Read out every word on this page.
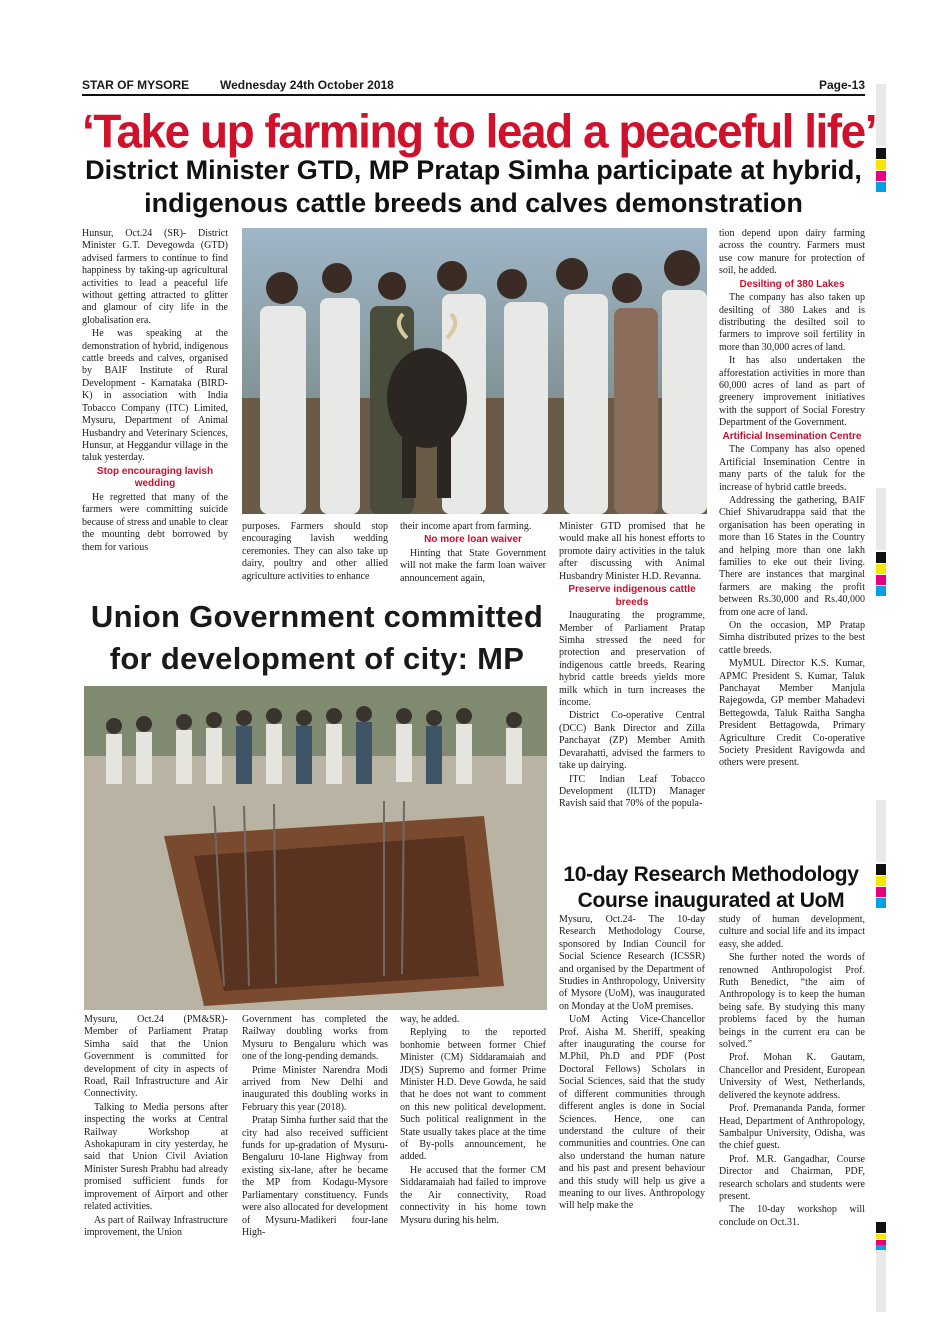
STAR OF MYSORE	Wednesday 24th October 2018	Page-13
‘Take up farming to lead a peaceful life’
District Minister GTD, MP Pratap Simha participate at hybrid, indigenous cattle breeds and calves demonstration

Hunsur, Oct.24 (SR)- District Minister G.T. Devegowda (GTD) advised farmers to continue to find happiness by taking-up agricultural activities to lead a peaceful life without getting attracted to glitter and glamour of city life in the globalisation era.

He was speaking at the demonstration of hybrid, indigenous cattle breeds and calves, organised by BAIF Institute of Rural Development - Karnataka (BIRD-K) in association with India Tobacco Company (ITC) Limited, Mysuru, Department of Animal Husbandry and Veterinary Sciences, Hunsur, at Heggandur village in the taluk yesterday.

Stop encouraging lavish wedding

He regretted that many of the farmers were committing suicide because of stress and unable to clear the mounting debt borrowed by them for various

purposes. Farmers should stop encouraging lavish wedding ceremonies. They can also take up dairy, poultry and other allied agriculture activities to enhance

their income apart from farming.

No more loan waiver

Hinting that State Government will not make the farm loan waiver announcement again,

Minister GTD promised that he would make all his honest efforts to promote dairy activities in the taluk after discussing with Animal Husbandry Minister H.D. Revanna.

Preserve indigenous cattle breeds

Inaugurating the programme, Member of Parliament Pratap Simha stressed the need for protection and preservation of indigenous cattle breeds. Rearing hybrid cattle breeds yields more milk which in turn increases the income.

District Co-operative Central (DCC) Bank Director and Zilla Panchayat (ZP) Member Amith Devarahatti, advised the farmers to take up dairying.

ITC Indian Leaf Tobacco Development (ILTD) Manager Ravish said that 70% of the popula-

tion depend upon dairy farming across the country. Farmers must use cow manure for protection of soil, he added.

Desilting of 380 Lakes

The company has also taken up desilting of 380 Lakes and is distributing the desilted soil to farmers to improve soil fertility in more than 30,000 acres of land.

It has also undertaken the afforestation activities in more than 60,000 acres of land as part of greenery improvement initiatives with the support of Social Forestry Department of the Government.

Artificial Insemination Centre

The Company has also opened Artificial Insemination Centre in many parts of the taluk for the increase of hybrid cattle breeds.

Addressing the gathering, BAIF Chief Shivarudrappa said that the organisation has been operating in more than 16 States in the Country and helping more than one lakh families to eke out their living. There are instances that marginal farmers are making the profit between Rs.30,000 and Rs.40,000 from one acre of land.

On the occasion, MP Pratap Simha distributed prizes to the best cattle breeds.

MyMUL Director K.S. Kumar, APMC President S. Kumar, Taluk Panchayat Member Manjula Rajegowda, GP member Mahadevi Bettegowda, Taluk Raitha Sangha President Bettagowda, Primary Agriculture Credit Co-operative Society President Ravigowda and others were present.

Union Government committed for development of city: MP

Mysuru, Oct.24 (PM&SR)- Member of Parliament Pratap Simha said that the Union Government is committed for development of city in aspects of Road, Rail Infrastructure and Air Connectivity.

Talking to Media persons after inspecting the works at Central Railway Workshop at Ashokapuram in city yesterday, he said that Union Civil Aviation Minister Suresh Prabhu had already promised sufficient funds for improvement of Airport and other related activities.

As part of Railway Infrastructure improvement, the Union

Government has completed the Railway doubling works from Mysuru to Bengaluru which was one of the long-pending demands.

Prime Minister Narendra Modi arrived from New Delhi and inaugurated this doubling works in February this year (2018).

Pratap Simha further said that the city had also received sufficient funds for up-gradation of Mysuru-Bengaluru 10-lane Highway from existing six-lane, after he became the MP from Kodagu-Mysore Parliamentary constituency. Funds were also allocated for development of Mysuru-Madikeri four-lane High-

way, he added.

Replying to the reported bonhomie between former Chief Minister (CM) Siddaramaiah and JD(S) Supremo and former Prime Minister H.D. Deve Gowda, he said that he does not want to comment on this new political development. Such political realignment in the State usually takes place at the time of By-polls announcement, he added.

He accused that the former CM Siddaramaiah had failed to improve the Air connectivity, Road connectivity in his home town Mysuru during his helm.

10-day Research Methodology Course inaugurated at UoM

Mysuru, Oct.24- The 10-day Research Methodology Course, sponsored by Indian Council for Social Science Research (ICSSR) and organised by the Department of Studies in Anthropology, University of Mysore (UoM), was inaugurated on Monday at the UoM premises.

UoM Acting Vice-Chancellor Prof. Aisha M. Sheriff, speaking after inaugurating the course for M.Phil, Ph.D and PDF (Post Doctoral Fellows) Scholars in Social Sciences, said that the study of different communities through different angles is done in Social Sciences. Hence, one can understand the culture of their communities and countries. One can also understand the human nature and his past and present behaviour and this study will help us give a meaning to our lives. Anthropology will help make the

study of human development, culture and social life and its impact easy, she added.

She further noted the words of renowned Anthropologist Prof. Ruth Benedict, “the aim of Anthropology is to keep the human being safe. By studying this many problems faced by the human beings in the current era can be solved.”

Prof. Mohan K. Gautam, Chancellor and President, European University of West, Netherlands, delivered the keynote address.

Prof. Premananda Panda, former Head, Department of Anthropology, Sambalpur University, Odisha, was the chief guest.

Prof. M.R. Gangadhar, Course Director and Chairman, PDF, research scholars and students were present.

The 10-day workshop will conclude on Oct.31.
